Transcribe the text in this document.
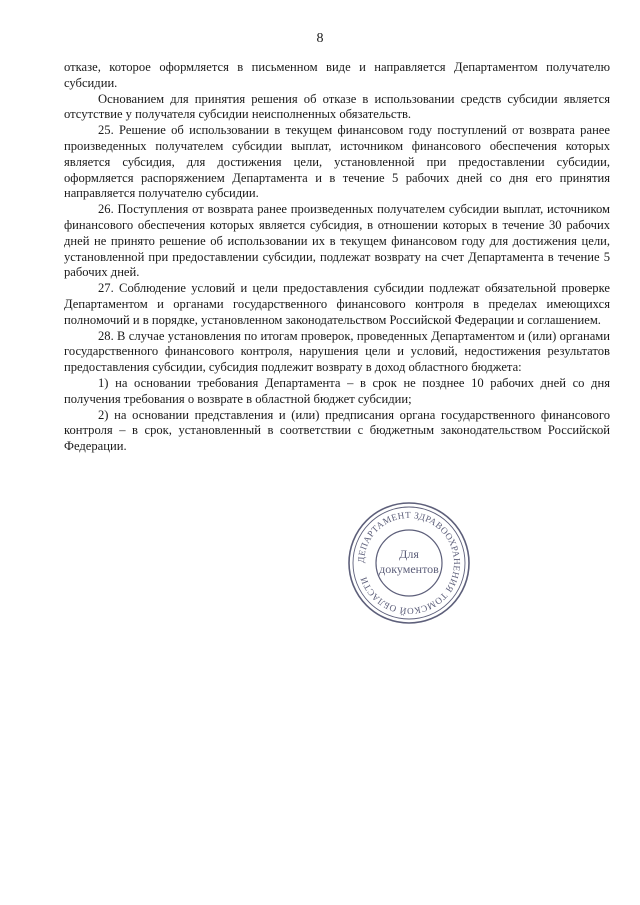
8

отказе, которое оформляется в письменном виде и направляется Департаментом получателю субсидии.

Основанием для принятия решения об отказе в использовании средств субсидии является отсутствие у получателя субсидии неисполненных обязательств.

25. Решение об использовании в текущем финансовом году поступлений от возврата ранее произведенных получателем субсидии выплат, источником финансового обеспечения которых является субсидия, для достижения цели, установленной при предоставлении субсидии, оформляется распоряжением Департамента и в течение 5 рабочих дней со дня его принятия направляется получателю субсидии.

26. Поступления от возврата ранее произведенных получателем субсидии выплат, источником финансового обеспечения которых является субсидия, в отношении которых в течение 30 рабочих дней не принято решение об использовании их в текущем финансовом году для достижения цели, установленной при предоставлении субсидии, подлежат возврату на счет Департамента в течение 5 рабочих дней.

27. Соблюдение условий и цели предоставления субсидии подлежат обязательной проверке Департаментом и органами государственного финансового контроля в пределах имеющихся полномочий и в порядке, установленном законодательством Российской Федерации и соглашением.

28. В случае установления по итогам проверок, проведенных Департаментом и (или) органами государственного финансового контроля, нарушения цели и условий, недостижения результатов предоставления субсидии, субсидия подлежит возврату в доход областного бюджета:

1) на основании требования Департамента – в срок не позднее 10 рабочих дней со дня получения требования о возврате в областной бюджет субсидии;

2) на основании представления и (или) предписания органа государственного финансового контроля – в срок, установленный в соответствии с бюджетным законодательством Российской Федерации.

ДЕПАРТАМЕНТ ЗДРАВООХРАНЕНИЯ ТОМСКОЙ ОБЛАСТИ
Для
документов
